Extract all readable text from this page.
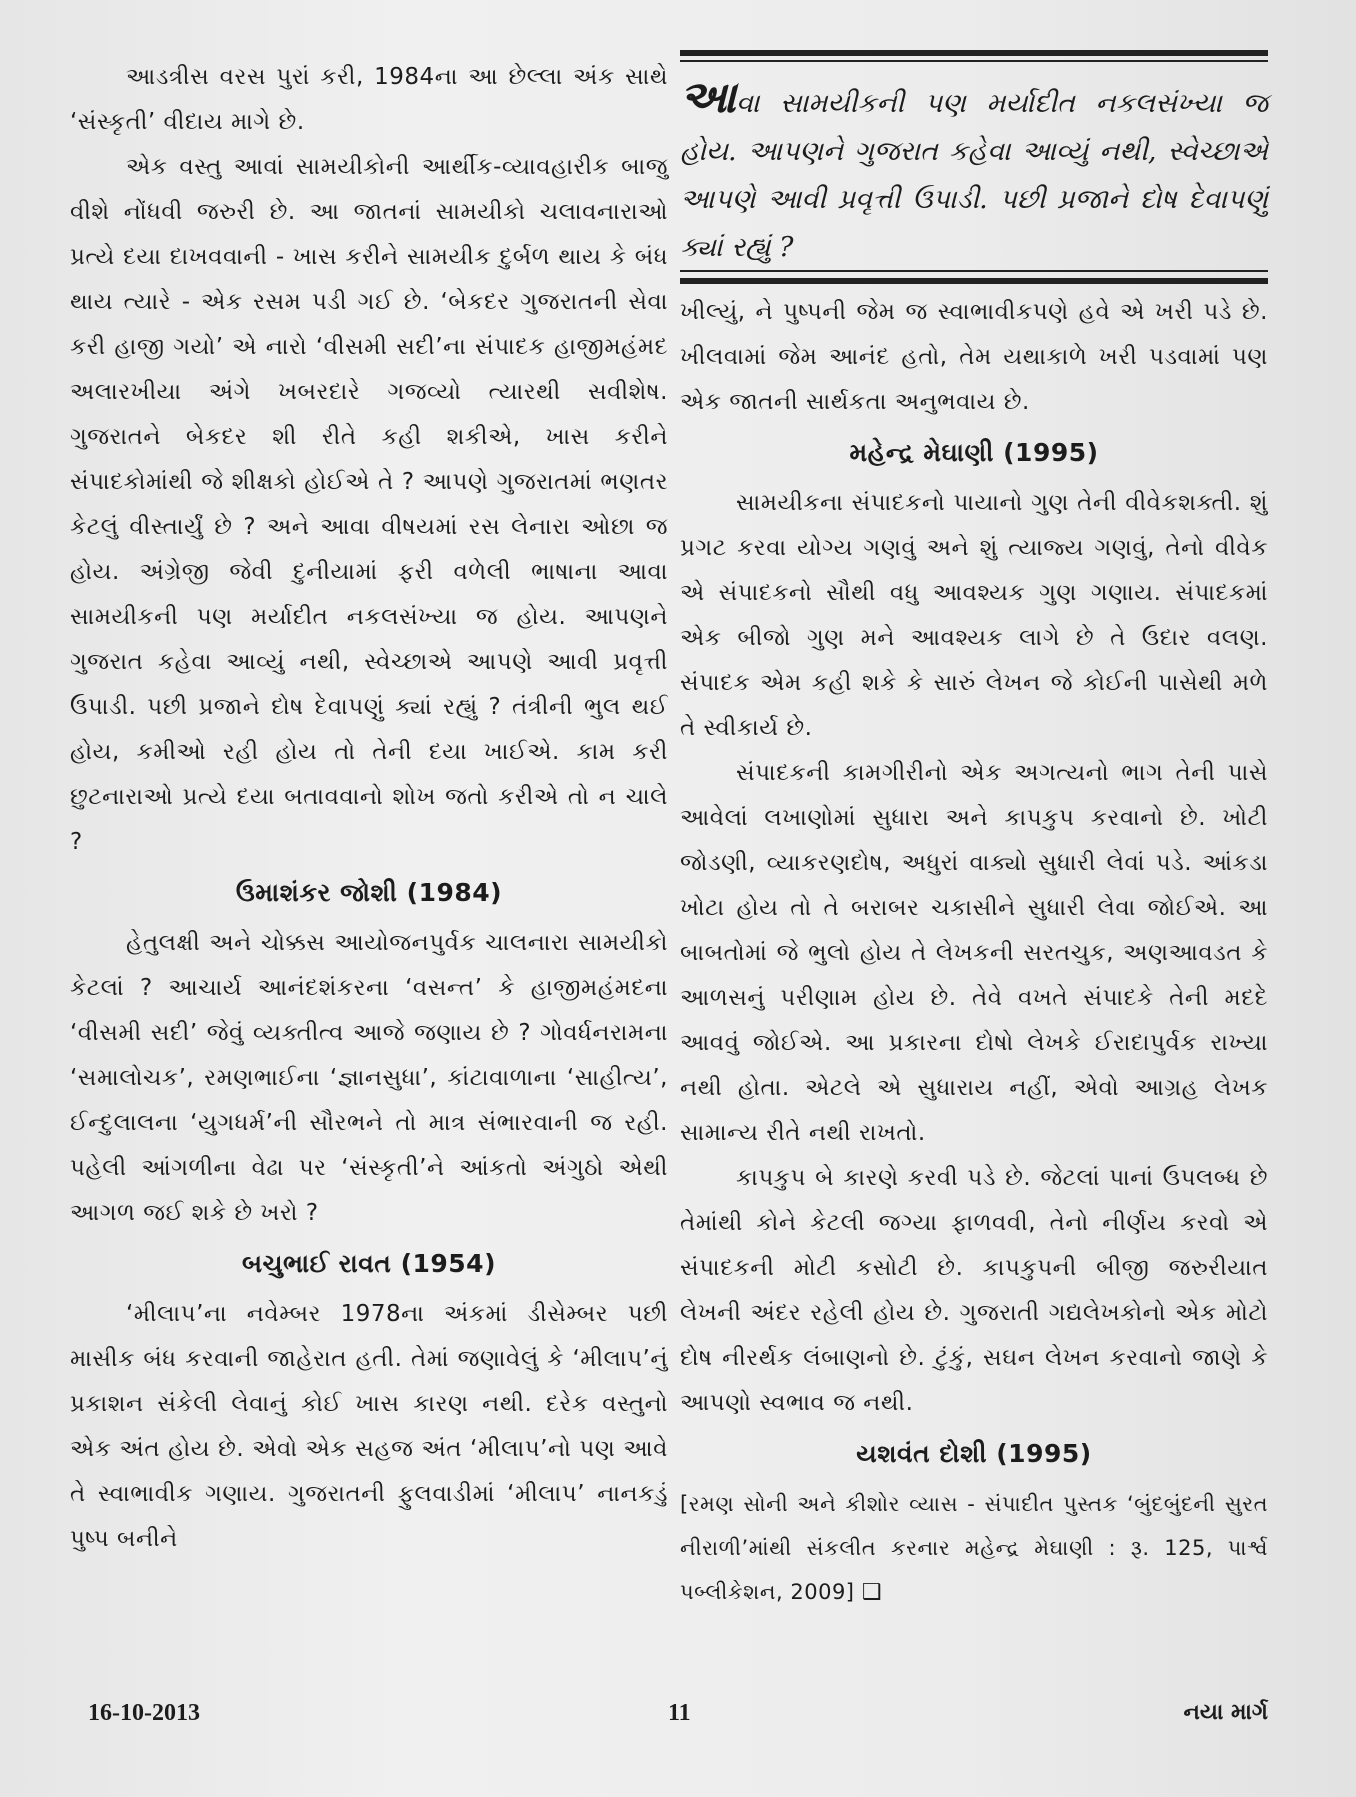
આડત્રીસ વરસ પુરાં કરી, 1984ના આ છેલ્લા અંક સાથે ‘સંસ્કૃતી’ વીદાય માગે છે.

એક વસ્તુ આવાં સામયીકોની આર્થીક-વ્યાવહારીક બાજુ વીશે નોંધવી જરુરી છે. આ જાતનાં સામયીકો ચલાવનારાઓ પ્રત્યે દયા દાખવવાની - ખાસ કરીને સામયીક દુર્બળ થાય કે બંધ થાય ત્યારે - એક રસમ પડી ગઈ છે. ‘બેકદર ગુજરાતની સેવા કરી હાજી ગયો’ એ નારો ‘વીસમી સદી’ના સંપાદક હાજીમહંમદ અલારખીયા અંગે ખબરદારે ગજવ્યો ત્યારથી સવીશેષ. ગુજરાતને બેકદર શી રીતે કહી શકીએ, ખાસ કરીને સંપાદકોમાંથી જે શીક્ષકો હોઈએ તે ? આપણે ગુજરાતમાં ભણતર કેટલું વીસ્તાર્યું છે ? અને આવા વીષયમાં રસ લેનારા ઓછા જ હોય. અંગ્રેજી જેવી દુનીયામાં ફરી વળેલી ભાષાના આવા સામયીકની પણ મર્યાદીત નકલસંખ્યા જ હોય. આપણને ગુજરાત કહેવા આવ્યું નથી, સ્વેચ્છાએ આપણે આવી પ્રવૃત્તી ઉપાડી. પછી પ્રજાને દોષ દેવાપણું ક્યાં રહ્યું ? તંત્રીની ભુલ થઈ હોય, કમીઓ રહી હોય તો તેની દયા ખાઈએ. કામ કરી છુટનારાઓ પ્રત્યે દયા બતાવવાનો શોખ જતો કરીએ તો ન ચાલે ?

ઉમાશંકર જોશી (1984)

હેતુલક્ષી અને ચોક્કસ આયોજનપુર્વક ચાલનારા સામયીકો કેટલાં ? આચાર્ય આનંદશંકરના ‘વસન્ત’ કે હાજીમહંમદના ‘વીસમી સદી’ જેવું વ્યક્તીત્વ આજે જણાય છે ? ગોવર્ધનરામના ‘સમાલોચક’, રમણભાઈના ‘જ્ઞાનસુધા’, કાંટાવાળાના ‘સાહીત્ય’, ઈન્દુલાલના ‘યુગધર્મ’ની સૌરભને તો માત્ર સંભારવાની જ રહી. પહેલી આંગળીના વેઢા પર ‘સંસ્કૃતી’ને આંકતો અંગુઠો એથી આગળ જઈ શકે છે ખરો ?

બચુભાઈ રાવત (1954)

‘મીલાપ’ના નવેમ્બર 1978ના અંકમાં ડીસેમ્બર પછી માસીક બંધ કરવાની જાહેરાત હતી. તેમાં જણાવેલું કે ‘મીલાપ’નું પ્રકાશન સંકેલી લેવાનું કોઈ ખાસ કારણ નથી. દરેક વસ્તુનો એક અંત હોય છે. એવો એક સહજ અંત ‘મીલાપ’નો પણ આવે તે સ્વાભાવીક ગણાય. ગુજરાતની ફુલવાડીમાં ‘મીલાપ’ નાનકડું પુષ્પ બનીને

આવા સામયીકની પણ મર્યાદીત નકલસંખ્યા જ હોય. આપણને ગુજરાત કહેવા આવ્યું નથી, સ્વેચ્છાએ આપણે આવી પ્રવૃત્તી ઉપાડી. પછી પ્રજાને દોષ દેવાપણું ક્યાં રહ્યું ?

ખીલ્યું, ને પુષ્પની જેમ જ સ્વાભાવીકપણે હવે એ ખરી પડે છે. ખીલવામાં જેમ આનંદ હતો, તેમ યથાકાળે ખરી પડવામાં પણ એક જાતની સાર્થકતા અનુભવાય છે.

મહેન્દ્ર મેઘાણી (1995)

સામયીકના સંપાદકનો પાયાનો ગુણ તેની વીવેકશક્તી. શું પ્રગટ કરવા યોગ્ય ગણવું અને શું ત્યાજ્ય ગણવું, તેનો વીવેક એ સંપાદકનો સૌથી વધુ આવશ્યક ગુણ ગણાય. સંપાદકમાં એક બીજો ગુણ મને આવશ્યક લાગે છે તે ઉદાર વલણ. સંપાદક એમ કહી શકે કે સારું લેખન જે કોઈની પાસેથી મળે તે સ્વીકાર્ય છે.

સંપાદકની કામગીરીનો એક અગત્યનો ભાગ તેની પાસે આવેલાં લખાણોમાં સુધારા અને કાપકુપ કરવાનો છે. ખોટી જોડણી, વ્યાકરણદોષ, અધુરાં વાક્યો સુધારી લેવાં પડે. આંકડા ખોટા હોય તો તે બરાબર ચકાસીને સુધારી લેવા જોઈએ. આ બાબતોમાં જે ભુલો હોય તે લેખકની સરતચુક, અણઆવડત કે આળસનું પરીણામ હોય છે. તેવે વખતે સંપાદકે તેની મદદે આવવું જોઈએ. આ પ્રકારના દોષો લેખકે ઈરાદાપુર્વક રાખ્યા નથી હોતા. એટલે એ સુધારાય નહીં, એવો આગ્રહ લેખક સામાન્ય રીતે નથી રાખતો.

કાપકુપ બે કારણે કરવી પડે છે. જેટલાં પાનાં ઉપલબ્ધ છે તેમાંથી કોને કેટલી જગ્યા ફાળવવી, તેનો નીર્ણય કરવો એ સંપાદકની મોટી કસોટી છે. કાપકુપની બીજી જરુરીયાત લેખની અંદર રહેલી હોય છે. ગુજરાતી ગદ્યલેખકોનો એક મોટો દોષ નીરર્થક લંબાણનો છે. ટુંકું, સઘન લેખન કરવાનો જાણે કે આપણો સ્વભાવ જ નથી.

યશવંત દોશી (1995)

[રમણ સોની અને કીશોર વ્યાસ - સંપાદીત પુસ્તક ‘બુંદબુંદની સુરત નીરાળી’માંથી સંકલીત કરનાર મહેન્દ્ર મેઘાણી : રૂ. 125, પાર્શ્વ પબ્લીકેશન, 2009] ❑

16-10-2013	11	નયા માર્ગ
